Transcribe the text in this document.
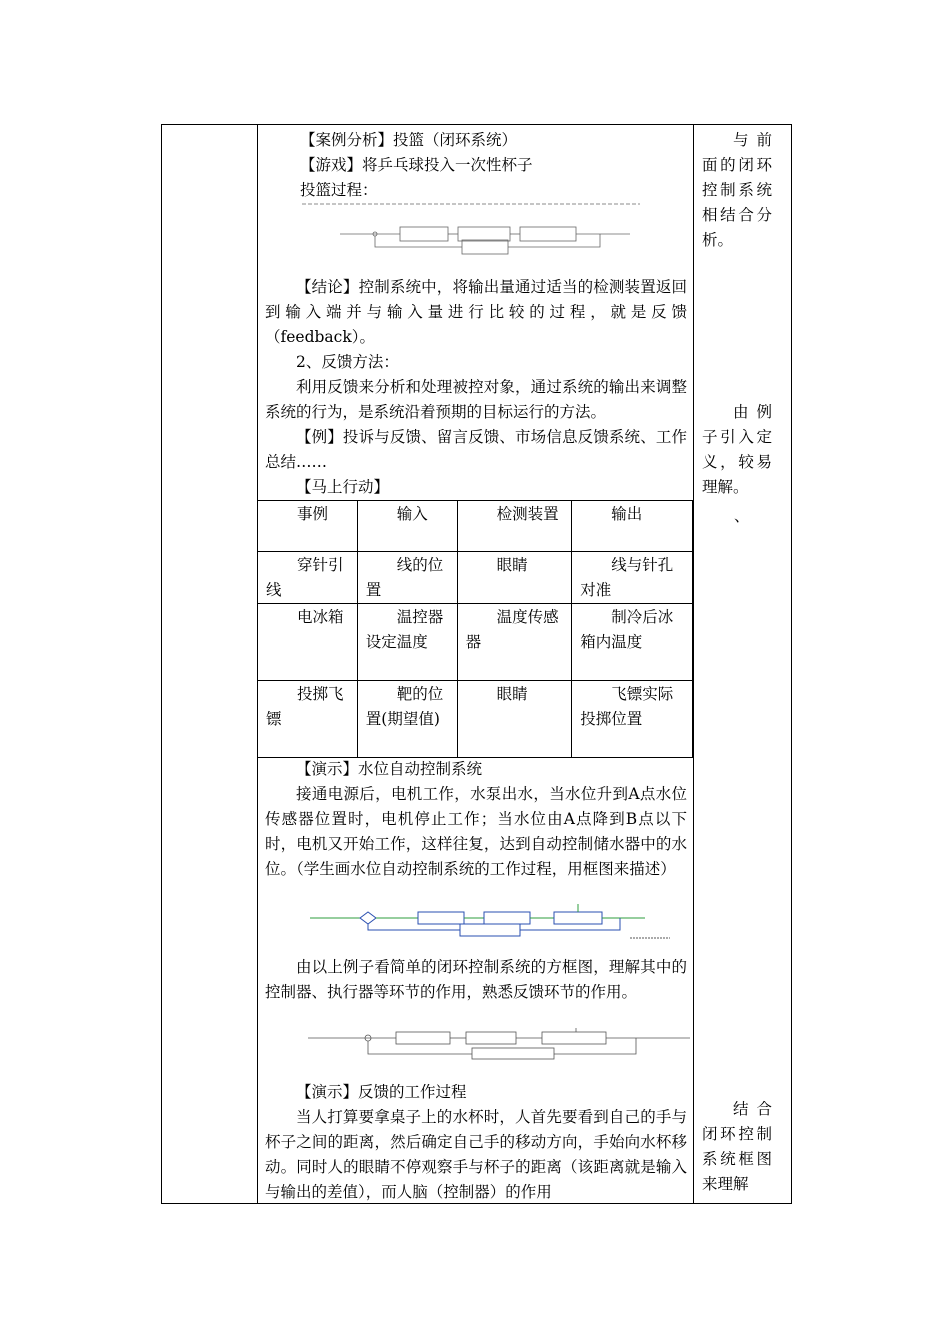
【案例分析】投篮（闭环系统）
【游戏】将乒乓球投入一次性杯子
投篮过程：

【结论】控制系统中，将输出量通过适当的检测装置返回到输入端并与输入量进行比较的过程，就是反馈（feedback）。

2、反馈方法：

利用反馈来分析和处理被控对象，通过系统的输出来调整系统的行为，是系统沿着预期的目标运行的方法。

【例】投诉与反馈、留言反馈、市场信息反馈系统、工作总结……

【马上行动】

事例	输入	检测装置	输出
穿针引线	线的位置	眼睛	线与针孔对准
电冰箱	温控器设定温度	温度传感器	制冷后冰箱内温度
投掷飞镖	靶的位置(期望值)	眼睛	飞镖实际投掷位置

【演示】水位自动控制系统

接通电源后，电机工作，水泵出水，当水位升到A点水位传感器位置时，电机停止工作；当水位由A点降到B点以下时，电机又开始工作，这样往复，达到自动控制储水器中的水位。（学生画水位自动控制系统的工作过程，用框图来描述）

由以上例子看简单的闭环控制系统的方框图，理解其中的控制器、执行器等环节的作用，熟悉反馈环节的作用。

【演示】反馈的工作过程

当人打算要拿桌子上的水杯时，人首先要看到自己的手与杯子之间的距离，然后确定自己手的移动方向，手始向水杯移动。同时人的眼睛不停观察手与杯子的距离（该距离就是输入与输出的差值），而人脑（控制器）的作用

与前面的闭环控制系统相结合分析。

由例子引入定义，较易理解。

、

结合闭环控制系统框图来理解
